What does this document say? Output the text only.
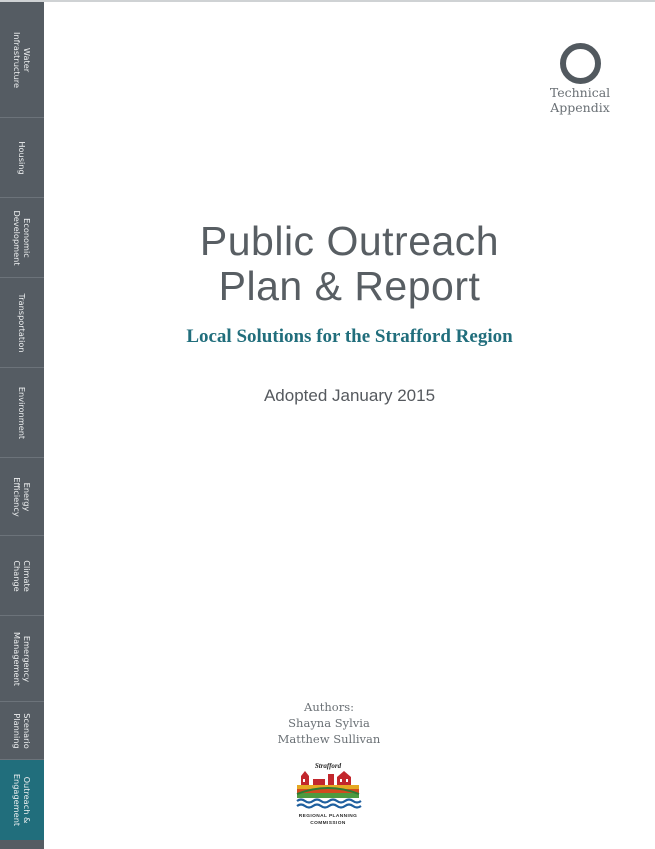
Water
Infrastructure
Housing
Economic
Development
Transportation
Environment
Energy
Efficiency
Climate
Change
Emergency
Management
Scenario
Planning
Outreach &
Engagement
Technical
Appendix
Public Outreach
Plan & Report
Local Solutions for the Strafford Region
Adopted January 2015
Authors:
Shayna Sylvia
Matthew Sullivan
Strafford
REGIONAL PLANNING
COMMISSION
